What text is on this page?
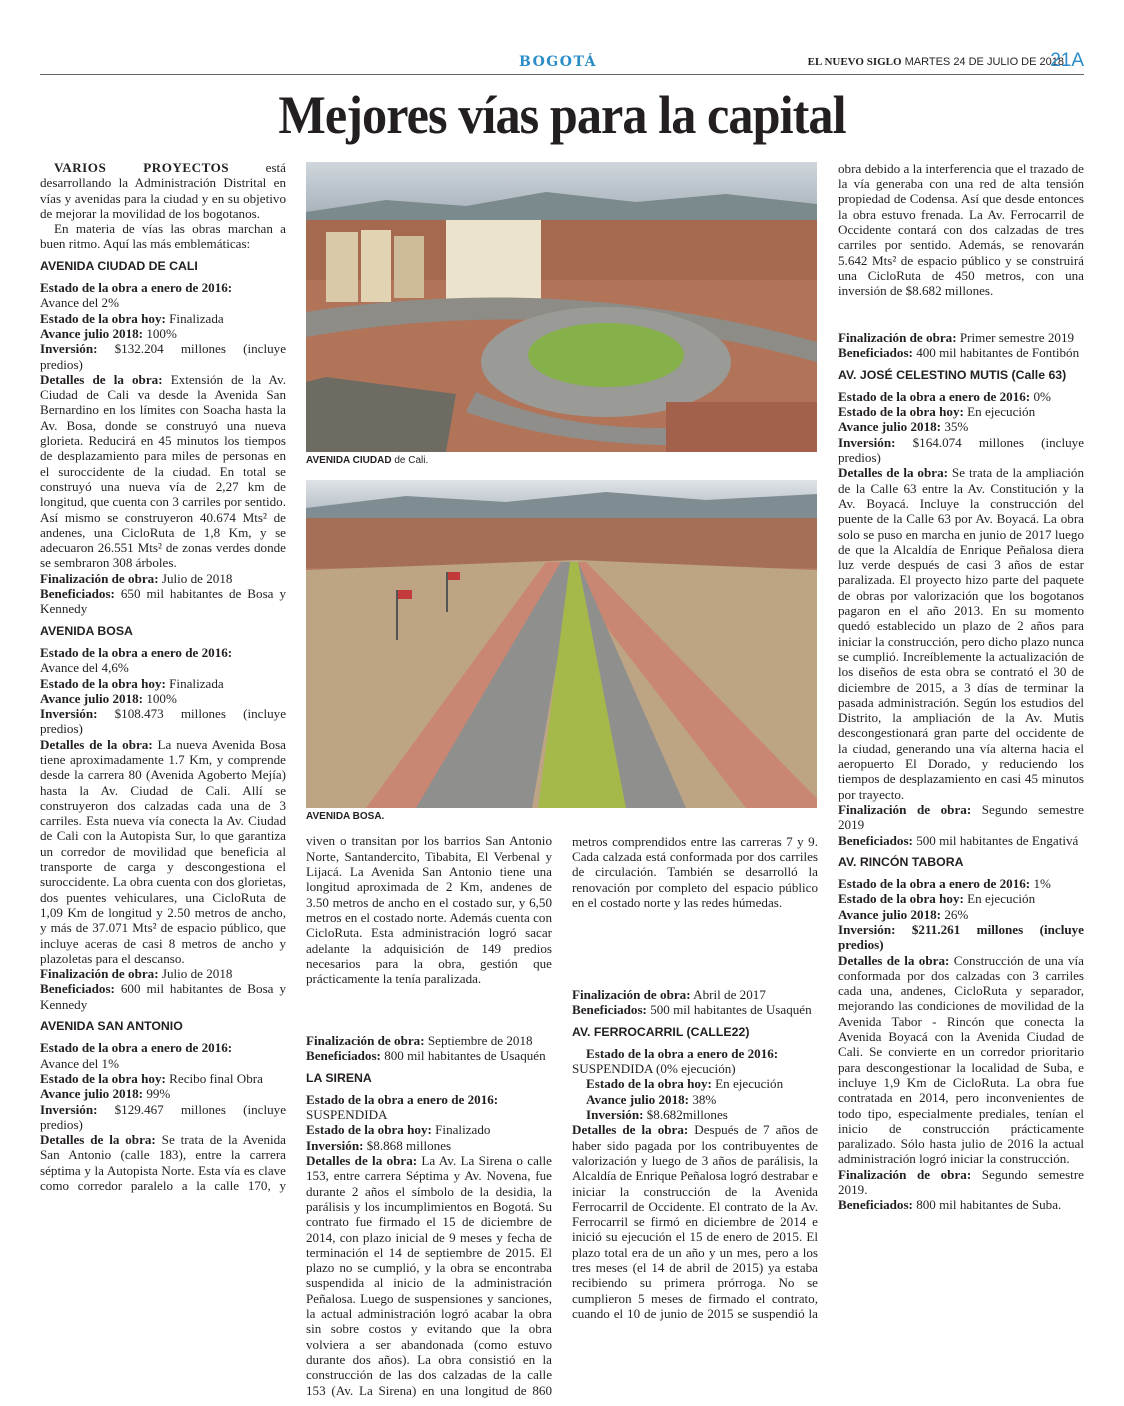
BOGOTÁ	EL NUEVO SIGLO MARTES 24 DE JULIO DE 2018
21A
Mejores vías para la capital

VARIOS PROYECTOS está desarrollando la Administración Distrital en vías y avenidas para la ciudad y en su objetivo de mejorar la movilidad de los bogotanos.

En materia de vías las obras marchan a buen ritmo. Aquí las más emblemáticas:

AVENIDA CIUDAD DE CALI

Estado de la obra a enero de 2016:

Avance del 2%

Estado de la obra hoy: Finalizada

Avance julio 2018: 100%

Inversión: $132.204 millones (incluye predios)

Detalles de la obra: Extensión de la Av. Ciudad de Cali va desde la Avenida San Bernardino en los límites con Soacha hasta la Av. Bosa, donde se construyó una nueva glorieta. Reducirá en 45 minutos los tiempos de desplazamiento para miles de personas en el suroccidente de la ciudad. En total se construyó una nueva vía de 2,27 km de longitud, que cuenta con 3 carriles por sentido. Así mismo se construyeron 40.674 Mts² de andenes, una CicloRuta de 1,8 Km, y se adecuaron 26.551 Mts² de zonas verdes donde se sembraron 308 árboles.

Finalización de obra: Julio de 2018

Beneficiados: 650 mil habitantes de Bosa y Kennedy

AVENIDA BOSA

Estado de la obra a enero de 2016:

Avance del 4,6%

Estado de la obra hoy: Finalizada

Avance julio 2018: 100%

Inversión: $108.473 millones (incluye predios)

Detalles de la obra: La nueva Avenida Bosa tiene aproximadamente 1.7 Km, y comprende desde la carrera 80 (Avenida Agoberto Mejía) hasta la Av. Ciudad de Cali. Allí se construyeron dos calzadas cada una de 3 carriles. Esta nueva vía conecta la Av. Ciudad de Cali con la Autopista Sur, lo que garantiza un corredor de movilidad que beneficia al transporte de carga y descongestiona el suroccidente. La obra cuenta con dos glorietas, dos puentes vehiculares, una CicloRuta de 1,09 Km de longitud y 2.50 metros de ancho, y más de 37.071 Mts² de espacio público, que incluye aceras de casi 8 metros de ancho y plazoletas para el descanso.

Finalización de obra: Julio de 2018

Beneficiados: 600 mil habitantes de Bosa y Kennedy

AVENIDA SAN ANTONIO

Estado de la obra a enero de 2016:

Avance del 1%

Estado de la obra hoy: Recibo final Obra

Avance julio 2018: 99%

Inversión: $129.467 millones (incluye predios)

Detalles de la obra: Se trata de la Avenida San Antonio (calle 183), entre la carrera séptima y la Autopista Norte. Esta vía es clave como corredor paralelo a la calle 170, y

AVENIDA CIUDAD de Cali.
AVENIDA BOSA.

viven o transitan por los barrios San Antonio Norte, Santandercito, Tibabita, El Verbenal y Lijacá. La Avenida San Antonio tiene una longitud aproximada de 2 Km, andenes de 3.50 metros de ancho en el costado sur, y 6,50 metros en el costado norte. Además cuenta con CicloRuta. Esta administración logró sacar adelante la adquisición de 149 predios necesarios para la obra, gestión que prácticamente la tenía paralizada.

Finalización de obra: Septiembre de 2018

Beneficiados: 800 mil habitantes de Usaquén

LA SIRENA

Estado de la obra a enero de 2016:

SUSPENDIDA

Estado de la obra hoy: Finalizado

Inversión: $8.868 millones

Detalles de la obra: La Av. La Sirena o calle 153, entre carrera Séptima y Av. Novena, fue durante 2 años el símbolo de la desidia, la parálisis y los incumplimientos en Bogotá. Su contrato fue firmado el 15 de diciembre de 2014, con plazo inicial de 9 meses y fecha de terminación el 14 de septiembre de 2015. El plazo no se cumplió, y la obra se encontraba suspendida al inicio de la administración Peñalosa. Luego de suspensiones y sanciones, la actual administración logró acabar la obra sin sobre costos y evitando que la obra volviera a ser abandonada (como estuvo durante dos años). La obra consistió en la construcción de las dos calzadas de la calle 153 (Av. La Sirena) en una longitud de 860

metros comprendidos entre las carreras 7 y 9. Cada calzada está conformada por dos carriles de circulación. También se desarrolló la renovación por completo del espacio público en el costado norte y las redes húmedas.

Finalización de obra: Abril de 2017

Beneficiados: 500 mil habitantes de Usaquén

AV. FERROCARRIL (CALLE22)

Estado de la obra a enero de 2016:

SUSPENDIDA (0% ejecución)

Estado de la obra hoy: En ejecución

Avance julio 2018: 38%

Inversión: $8.682millones

Detalles de la obra: Después de 7 años de haber sido pagada por los contribuyentes de valorización y luego de 3 años de parálisis, la Alcaldía de Enrique Peñalosa logró destrabar e iniciar la construcción de la Avenida Ferrocarril de Occidente. El contrato de la Av. Ferrocarril se firmó en diciembre de 2014 e inició su ejecución el 15 de enero de 2015. El plazo total era de un año y un mes, pero a los tres meses (el 14 de abril de 2015) ya estaba recibiendo su primera prórroga. No se cumplieron 5 meses de firmado el contrato, cuando el 10 de junio de 2015 se suspendió la

obra debido a la interferencia que el trazado de la vía generaba con una red de alta tensión propiedad de Codensa. Así que desde entonces la obra estuvo frenada. La Av. Ferrocarril de Occidente contará con dos calzadas de tres carriles por sentido. Además, se renovarán 5.642 Mts² de espacio público y se construirá una CicloRuta de 450 metros, con una inversión de $8.682 millones.

Finalización de obra: Primer semestre 2019

Beneficiados: 400 mil habitantes de Fontibón

AV. JOSÉ CELESTINO MUTIS (Calle 63)

Estado de la obra a enero de 2016: 0%

Estado de la obra hoy: En ejecución

Avance julio 2018: 35%

Inversión: $164.074 millones (incluye predios)

Detalles de la obra: Se trata de la ampliación de la Calle 63 entre la Av. Constitución y la Av. Boyacá. Incluye la construcción del puente de la Calle 63 por Av. Boyacá. La obra solo se puso en marcha en junio de 2017 luego de que la Alcaldía de Enrique Peñalosa diera luz verde después de casi 3 años de estar paralizada. El proyecto hizo parte del paquete de obras por valorización que los bogotanos pagaron en el año 2013. En su momento quedó establecido un plazo de 2 años para iniciar la construcción, pero dicho plazo nunca se cumplió. Increíblemente la actualización de los diseños de esta obra se contrató el 30 de diciembre de 2015, a 3 días de terminar la pasada administración. Según los estudios del Distrito, la ampliación de la Av. Mutis descongestionará gran parte del occidente de la ciudad, generando una vía alterna hacia el aeropuerto El Dorado, y reduciendo los tiempos de desplazamiento en casi 45 minutos por trayecto.

Finalización de obra: Segundo semestre 2019

Beneficiados: 500 mil habitantes de Engativá

AV. RINCÓN TABORA

Estado de la obra a enero de 2016: 1%

Estado de la obra hoy: En ejecución

Avance julio 2018: 26%

Inversión: $211.261 millones (incluye predios)

Detalles de la obra: Construcción de una vía conformada por dos calzadas con 3 carriles cada una, andenes, CicloRuta y separador, mejorando las condiciones de movilidad de la Avenida Tabor - Rincón que conecta la Avenida Boyacá con la Avenida Ciudad de Cali. Se convierte en un corredor prioritario para descongestionar la localidad de Suba, e incluye 1,9 Km de CicloRuta. La obra fue contratada en 2014, pero inconvenientes de todo tipo, especialmente prediales, tenían el inicio de construcción prácticamente paralizado. Sólo hasta julio de 2016 la actual administración logró iniciar la construcción.

Finalización de obra: Segundo semestre 2019.

Beneficiados: 800 mil habitantes de Suba.
